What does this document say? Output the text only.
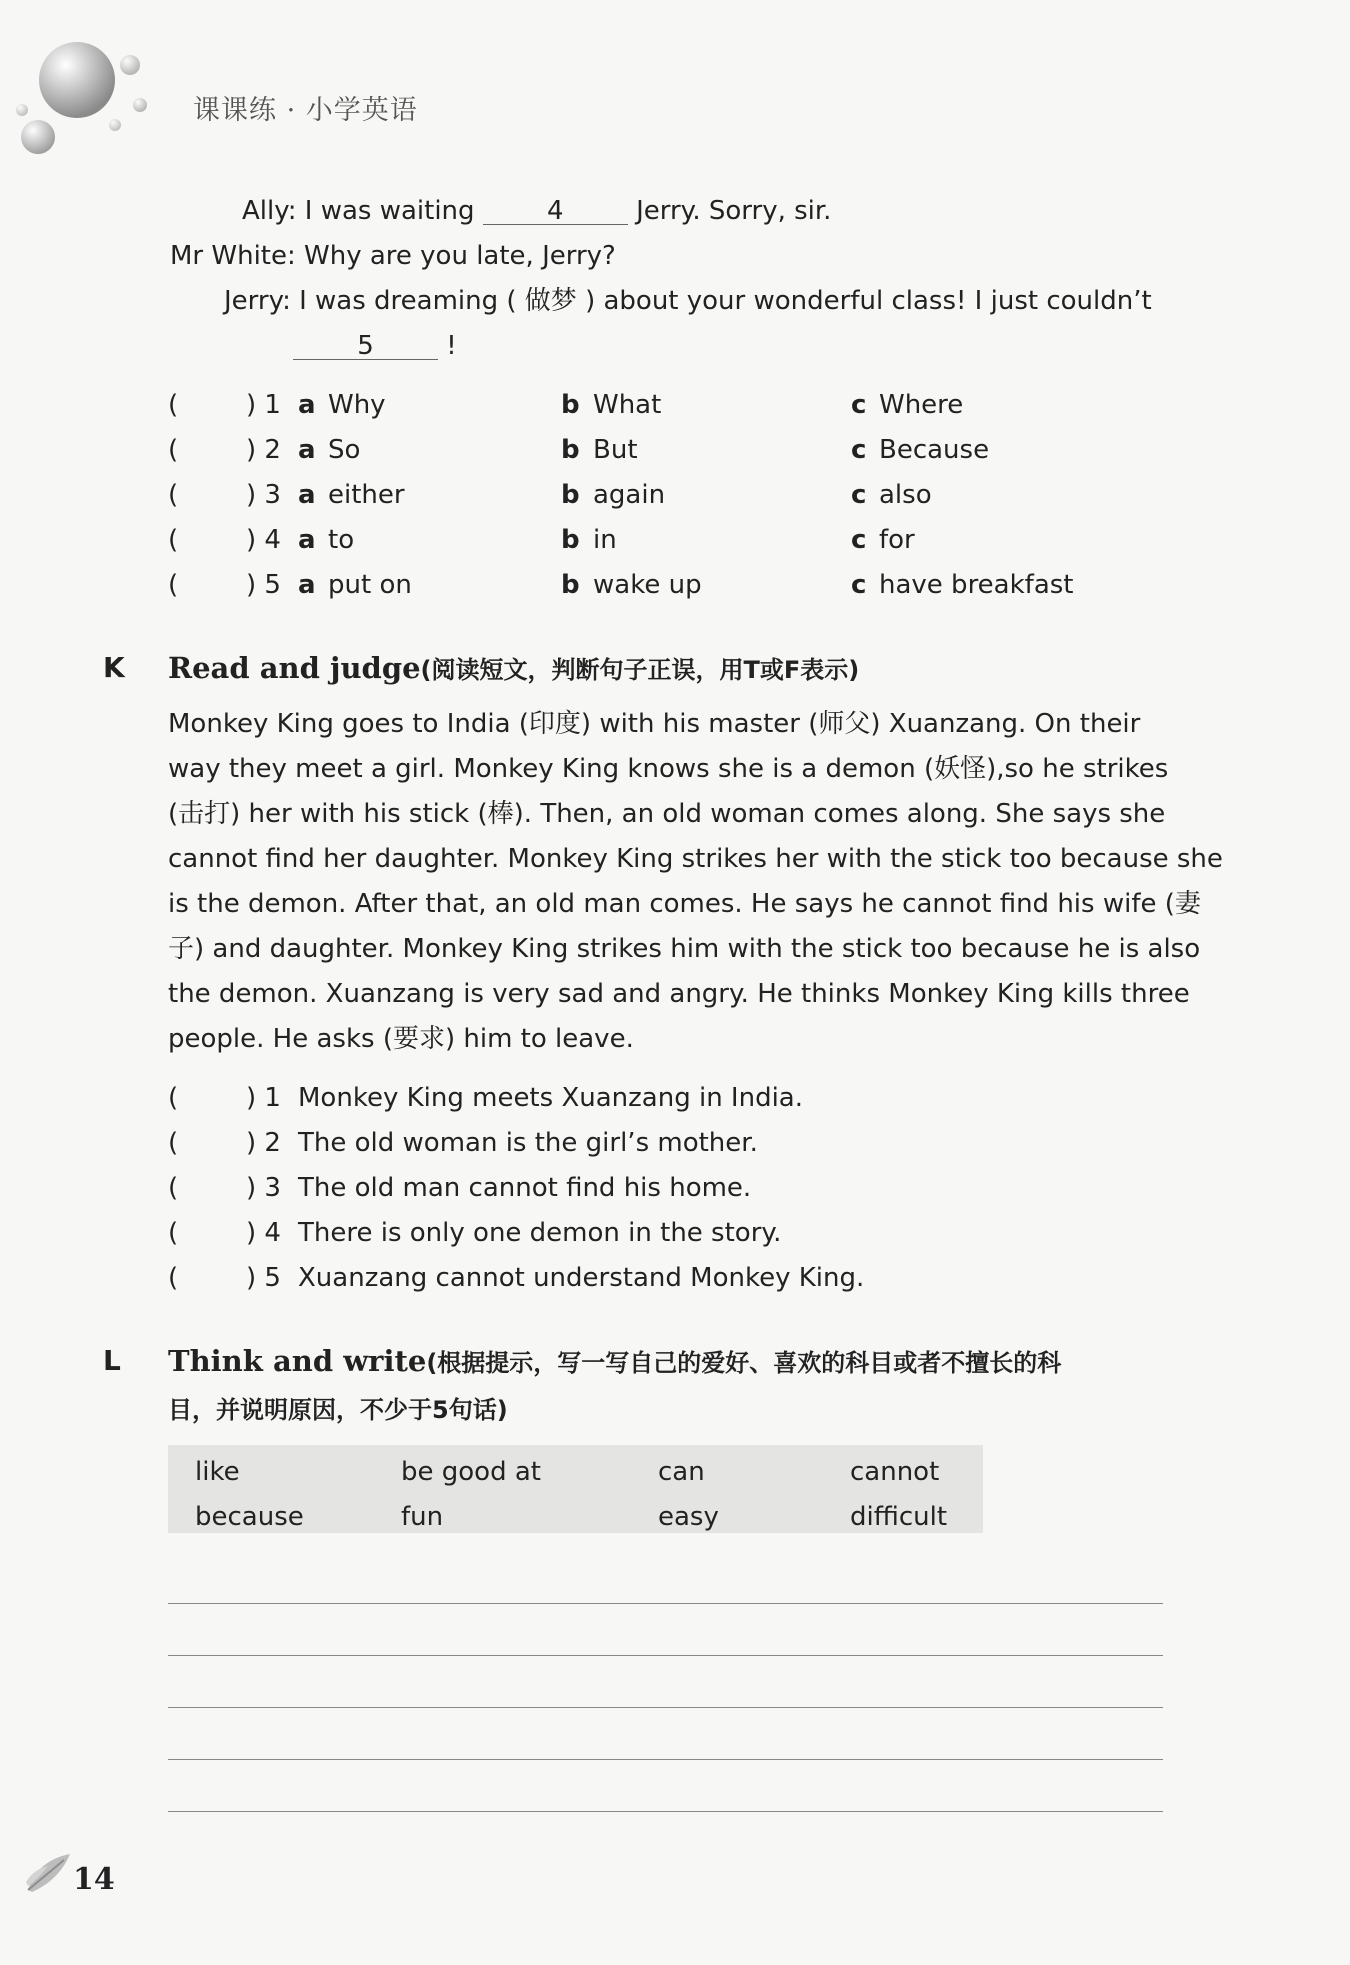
课课练 · 小学英语
Ally: I was waiting	4	Jerry. Sorry, sir.
Mr White: Why are you late, Jerry?
Jerry: I was dreaming ( 做梦 ) about your wonderful class! I just couldn’t
5	!
(	) 1 a Why	b What	c Where
(	) 2 a So	b But	c Because
(	) 3 a either	b again	c also
(	) 4 a to	b in	c for
(	) 5 a put on	b wake up	c have breakfast
K Read and judge(阅读短文，判断句子正误，用T或F表示)
Monkey King goes to India (印度) with his master (师父) Xuanzang. On their
way they meet a girl. Monkey King knows she is a demon (妖怪),so he strikes
(击打) her with his stick (棒). Then, an old woman comes along. She says she
cannot find her daughter. Monkey King strikes her with the stick too because she
is the demon. After that, an old man comes. He says he cannot find his wife (妻
子) and daughter. Monkey King strikes him with the stick too because he is also
the demon. Xuanzang is very sad and angry. He thinks Monkey King kills three
people. He asks (要求) him to leave.
(	) 1 Monkey King meets Xuanzang in India.
(	) 2 The old woman is the girl’s mother.
(	) 3 The old man cannot find his home.
(	) 4 There is only one demon in the story.
(	) 5 Xuanzang cannot understand Monkey King.
L Think and write(根据提示，写一写自己的爱好、喜欢的科目或者不擅长的科
目，并说明原因，不少于5句话)
like	be good at	can	cannot
because	fun	easy	difficult
14
